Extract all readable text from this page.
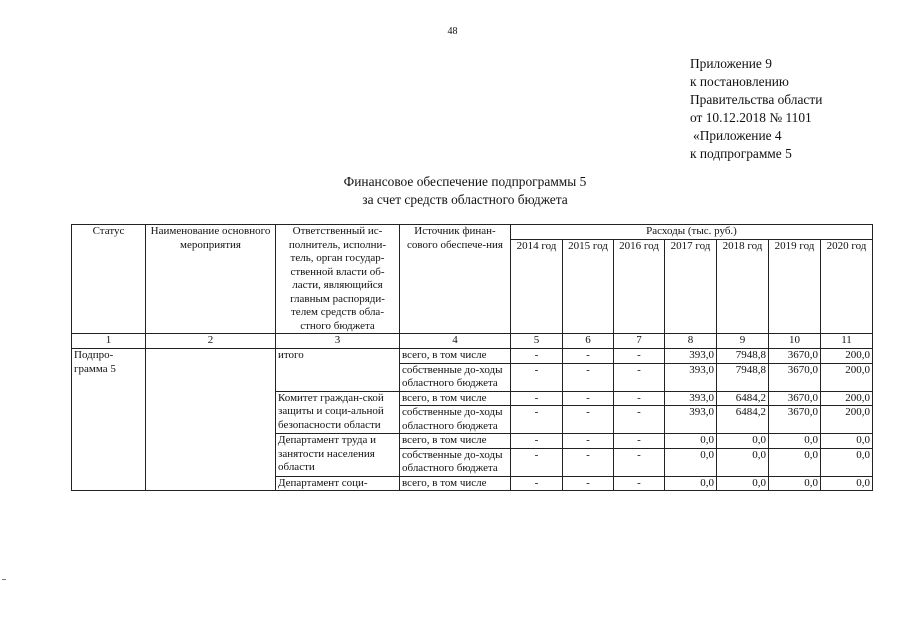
48
Приложение 9
к постановлению
Правительства области
от 10.12.2018 № 1101
«Приложение 4
к подпрограмме 5
Финансовое обеспечение подпрограммы 5
за счет средств областного бюджета
Статус	Наименование основного мероприятия	Ответственный ис-полнитель, исполни-тель, орган государ-ственной власти об-ласти, являющийся главным распоряди-телем средств обла-стного бюджета	Источник финан-сового обеспече-ния	Расходы (тыс. руб.)						
				2014 год	2015 год	2016 год	2017 год	2018 год	2019 год	2020 год
1	2	3	4	5	6	7	8	9	10	11
Подпро-грамма 5		итого	всего, в том числе	-	-	-	393,0	7948,8	3670,0	200,0
			собственные до-ходы областного бюджета	-	-	-	393,0	7948,8	3670,0	200,0
		Комитет граждан-ской защиты и соци-альной безопасности области	всего, в том числе	-	-	-	393,0	6484,2	3670,0	200,0
			собственные до-ходы областного бюджета	-	-	-	393,0	6484,2	3670,0	200,0
		Департамент труда и занятости населения области	всего, в том числе	-	-	-	0,0	0,0	0,0	0,0
			собственные до-ходы областного бюджета	-	-	-	0,0	0,0	0,0	0,0
		Департамент соци-	всего, в том числе	-	-	-	0,0	0,0	0,0	0,0
